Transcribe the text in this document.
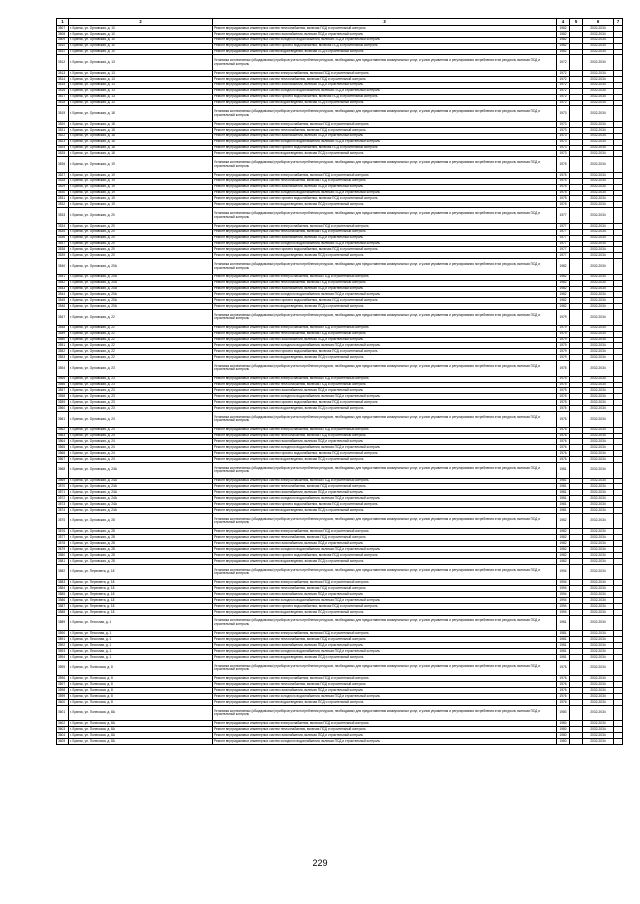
1	2	3	4	5	6	7
3507	г. Брянск, ул. Орловская, д. 10	Ремонт внутридомовых инженерных систем теплоснабжения, включая ПСД и строительный контроль	1982		2032-2034	
3508	г. Брянск, ул. Орловская, д. 10	Ремонт внутридомовых инженерных систем газоснабжения, включая ПСД и строительный контроль	1982		2032-2034	
3509	г. Брянск, ул. Орловская, д. 10	Ремонт внутридомовых инженерных систем холодного водоснабжения, включая ПСД и строительный контроль	1982		2032-2034	
3510	г. Брянск, ул. Орловская, д. 10	Ремонт внутридомовых инженерных систем горячего водоснабжения, включая ПСД и строительный контроль	1982		2032-2034	
3511	г. Брянск, ул. Орловская, д. 10	Ремонт внутридомовых инженерных систем водоотведения, включая ПСД и строительный контроль	1982		2032-2034	
3512	г. Брянск, ул. Орловская, д. 13	Установка коллективных (общедомовых) приборов учета потребления ресурсов, необходимых для предоставления коммунальных услуг, и узлов управления и регулирования потребления этих ресурсов, включая ПСД и строительный контроль	1972		2032-2034	
3513	г. Брянск, ул. Орловская, д. 13	Ремонт внутридомовых инженерных систем электроснабжения, включая ПСД и строительный контроль	1972		2032-2034	
3514	г. Брянск, ул. Орловская, д. 13	Ремонт внутридомовых инженерных систем теплоснабжения, включая ПСД и строительный контроль	1972		2032-2034	
3515	г. Брянск, ул. Орловская, д. 13	Ремонт внутридомовых инженерных систем газоснабжения, включая ПСД и строительный контроль	1972		2032-2034	
3516	г. Брянск, ул. Орловская, д. 13	Ремонт внутридомовых инженерных систем холодного водоснабжения, включая ПСД и строительный контроль	1972		2032-2034	
3517	г. Брянск, ул. Орловская, д. 13	Ремонт внутридомовых инженерных систем горячего водоснабжения, включая ПСД и строительный контроль	1972		2032-2034	
3518	г. Брянск, ул. Орловская, д. 13	Ремонт внутридомовых инженерных систем водоотведения, включая ПСД и строительный контроль	1972		2032-2034	
3519	г. Брянск, ул. Орловская, д. 18	Установка коллективных (общедомовых) приборов учета потребления ресурсов, необходимых для предоставления коммунальных услуг, и узлов управления и регулирования потребления этих ресурсов, включая ПСД и строительный контроль	1973		2032-2034	
3520	г. Брянск, ул. Орловская, д. 18	Ремонт внутридомовых инженерных систем электроснабжения, включая ПСД и строительный контроль	1973		2032-2034	
3521	г. Брянск, ул. Орловская, д. 18	Ремонт внутридомовых инженерных систем теплоснабжения, включая ПСД и строительный контроль	1973		2032-2034	
3522	г. Брянск, ул. Орловская, д. 18	Ремонт внутридомовых инженерных систем газоснабжения, включая ПСД и строительный контроль	1973		2032-2034	
3523	г. Брянск, ул. Орловская, д. 18	Ремонт внутридомовых инженерных систем холодного водоснабжения, включая ПСД и строительный контроль	1973		2032-2034	
3524	г. Брянск, ул. Орловская, д. 18	Ремонт внутридомовых инженерных систем горячего водоснабжения, включая ПСД и строительный контроль	1973		2032-2034	
3525	г. Брянск, ул. Орловская, д. 18	Ремонт внутридомовых инженерных систем водоотведения, включая ПСД и строительный контроль	1973		2032-2034	
3526	г. Брянск, ул. Орловская, д. 19	Установка коллективных (общедомовых) приборов учета потребления ресурсов, необходимых для предоставления коммунальных услуг, и узлов управления и регулирования потребления этих ресурсов, включая ПСД и строительный контроль	1975		2032-2034	
3527	г. Брянск, ул. Орловская, д. 19	Ремонт внутридомовых инженерных систем электроснабжения, включая ПСД и строительный контроль	1975		2032-2034	
3528	г. Брянск, ул. Орловская, д. 19	Ремонт внутридомовых инженерных систем теплоснабжения, включая ПСД и строительный контроль	1975		2032-2034	
3529	г. Брянск, ул. Орловская, д. 19	Ремонт внутридомовых инженерных систем газоснабжения, включая ПСД и строительный контроль	1975		2032-2034	
3530	г. Брянск, ул. Орловская, д. 19	Ремонт внутридомовых инженерных систем холодного водоснабжения, включая ПСД и строительный контроль	1975		2032-2034	
3531	г. Брянск, ул. Орловская, д. 19	Ремонт внутридомовых инженерных систем горячего водоснабжения, включая ПСД и строительный контроль	1975		2032-2034	
3532	г. Брянск, ул. Орловская, д. 19	Ремонт внутридомовых инженерных систем водоотведения, включая ПСД и строительный контроль	1975		2032-2034	
3533	г. Брянск, ул. Орловская, д. 20	Установка коллективных (общедомовых) приборов учета потребления ресурсов, необходимых для предоставления коммунальных услуг, и узлов управления и регулирования потребления этих ресурсов, включая ПСД и строительный контроль	1977		2032-2034	
3534	г. Брянск, ул. Орловская, д. 20	Ремонт внутридомовых инженерных систем электроснабжения, включая ПСД и строительный контроль	1977		2032-2034	
3535	г. Брянск, ул. Орловская, д. 20	Ремонт внутридомовых инженерных систем теплоснабжения, включая ПСД и строительный контроль	1977		2032-2034	
3536	г. Брянск, ул. Орловская, д. 20	Ремонт внутридомовых инженерных систем газоснабжения, включая ПСД и строительный контроль	1977		2032-2034	
3537	г. Брянск, ул. Орловская, д. 20	Ремонт внутридомовых инженерных систем холодного водоснабжения, включая ПСД и строительный контроль	1977		2032-2034	
3538	г. Брянск, ул. Орловская, д. 20	Ремонт внутридомовых инженерных систем горячего водоснабжения, включая ПСД и строительный контроль	1977		2032-2034	
3539	г. Брянск, ул. Орловская, д. 20	Ремонт внутридомовых инженерных систем водоотведения, включая ПСД и строительный контроль	1977		2032-2034	
3540	г. Брянск, ул. Орловская, д. 20А	Установка коллективных (общедомовых) приборов учета потребления ресурсов, необходимых для предоставления коммунальных услуг, и узлов управления и регулирования потребления этих ресурсов, включая ПСД и строительный контроль	1982		2032-2034	
3541	г. Брянск, ул. Орловская, д. 20А	Ремонт внутридомовых инженерных систем электроснабжения, включая ПСД и строительный контроль	1982		2032-2034	
3542	г. Брянск, ул. Орловская, д. 20А	Ремонт внутридомовых инженерных систем теплоснабжения, включая ПСД и строительный контроль	1982		2032-2034	
3543	г. Брянск, ул. Орловская, д. 20А	Ремонт внутридомовых инженерных систем газоснабжения, включая ПСД и строительный контроль	1982		2032-2034	
3544	г. Брянск, ул. Орловская, д. 20А	Ремонт внутридомовых инженерных систем холодного водоснабжения, включая ПСД и строительный контроль	1982		2032-2034	
3545	г. Брянск, ул. Орловская, д. 20А	Ремонт внутридомовых инженерных систем горячего водоснабжения, включая ПСД и строительный контроль	1982		2032-2034	
3546	г. Брянск, ул. Орловская, д. 20А	Ремонт внутридомовых инженерных систем водоотведения, включая ПСД и строительный контроль	1982		2032-2034	
3547	г. Брянск, ул. Орловская, д. 22	Установка коллективных (общедомовых) приборов учета потребления ресурсов, необходимых для предоставления коммунальных услуг, и узлов управления и регулирования потребления этих ресурсов, включая ПСД и строительный контроль	1979		2032-2034	
3548	г. Брянск, ул. Орловская, д. 22	Ремонт внутридомовых инженерных систем электроснабжения, включая ПСД и строительный контроль	1979		2032-2034	
3549	г. Брянск, ул. Орловская, д. 22	Ремонт внутридомовых инженерных систем теплоснабжения, включая ПСД и строительный контроль	1979		2032-2034	
3550	г. Брянск, ул. Орловская, д. 22	Ремонт внутридомовых инженерных систем газоснабжения, включая ПСД и строительный контроль	1979		2032-2034	
3551	г. Брянск, ул. Орловская, д. 22	Ремонт внутридомовых инженерных систем холодного водоснабжения, включая ПСД и строительный контроль	1979		2032-2034	
3552	г. Брянск, ул. Орловская, д. 22	Ремонт внутридомовых инженерных систем горячего водоснабжения, включая ПСД и строительный контроль	1979		2032-2034	
3553	г. Брянск, ул. Орловская, д. 22	Ремонт внутридомовых инженерных систем водоотведения, включая ПСД и строительный контроль	1979		2032-2034	
3554	г. Брянск, ул. Орловская, д. 23	Установка коллективных (общедомовых) приборов учета потребления ресурсов, необходимых для предоставления коммунальных услуг, и узлов управления и регулирования потребления этих ресурсов, включая ПСД и строительный контроль	1975		2032-2034	
3555	г. Брянск, ул. Орловская, д. 23	Ремонт внутридомовых инженерных систем электроснабжения, включая ПСД и строительный контроль	1975		2032-2034	
3556	г. Брянск, ул. Орловская, д. 23	Ремонт внутридомовых инженерных систем теплоснабжения, включая ПСД и строительный контроль	1975		2032-2034	
3557	г. Брянск, ул. Орловская, д. 23	Ремонт внутридомовых инженерных систем газоснабжения, включая ПСД и строительный контроль	1975		2032-2034	
3558	г. Брянск, ул. Орловская, д. 23	Ремонт внутридомовых инженерных систем холодного водоснабжения, включая ПСД и строительный контроль	1975		2032-2034	
3559	г. Брянск, ул. Орловская, д. 23	Ремонт внутридомовых инженерных систем горячего водоснабжения, включая ПСД и строительный контроль	1975		2032-2034	
3560	г. Брянск, ул. Орловская, д. 23	Ремонт внутридомовых инженерных систем водоотведения, включая ПСД и строительный контроль	1975		2032-2034	
3561	г. Брянск, ул. Орловская, д. 24	Установка коллективных (общедомовых) приборов учета потребления ресурсов, необходимых для предоставления коммунальных услуг, и узлов управления и регулирования потребления этих ресурсов, включая ПСД и строительный контроль	1976		2032-2034	
3562	г. Брянск, ул. Орловская, д. 24	Ремонт внутридомовых инженерных систем электроснабжения, включая ПСД и строительный контроль	1976		2032-2034	
3563	г. Брянск, ул. Орловская, д. 24	Ремонт внутридомовых инженерных систем теплоснабжения, включая ПСД и строительный контроль	1976		2032-2034	
3564	г. Брянск, ул. Орловская, д. 24	Ремонт внутридомовых инженерных систем газоснабжения, включая ПСД и строительный контроль	1976		2032-2034	
3565	г. Брянск, ул. Орловская, д. 24	Ремонт внутридомовых инженерных систем холодного водоснабжения, включая ПСД и строительный контроль	1976		2032-2034	
3566	г. Брянск, ул. Орловская, д. 24	Ремонт внутридомовых инженерных систем горячего водоснабжения, включая ПСД и строительный контроль	1976		2032-2034	
3567	г. Брянск, ул. Орловская, д. 24	Ремонт внутридомовых инженерных систем водоотведения, включая ПСД и строительный контроль	1976		2032-2034	
3568	г. Брянск, ул. Орловская, д. 24А	Установка коллективных (общедомовых) приборов учета потребления ресурсов, необходимых для предоставления коммунальных услуг, и узлов управления и регулирования потребления этих ресурсов, включая ПСД и строительный контроль	1981		2032-2034	
3569	г. Брянск, ул. Орловская, д. 24А	Ремонт внутридомовых инженерных систем электроснабжения, включая ПСД и строительный контроль	1981		2032-2034	
3570	г. Брянск, ул. Орловская, д. 24А	Ремонт внутридомовых инженерных систем теплоснабжения, включая ПСД и строительный контроль	1981		2032-2034	
3571	г. Брянск, ул. Орловская, д. 24А	Ремонт внутридомовых инженерных систем газоснабжения, включая ПСД и строительный контроль	1981		2032-2034	
3572	г. Брянск, ул. Орловская, д. 24А	Ремонт внутридомовых инженерных систем холодного водоснабжения, включая ПСД и строительный контроль	1981		2032-2034	
3573	г. Брянск, ул. Орловская, д. 24А	Ремонт внутридомовых инженерных систем горячего водоснабжения, включая ПСД и строительный контроль	1981		2032-2034	
3574	г. Брянск, ул. Орловская, д. 24А	Ремонт внутридомовых инженерных систем водоотведения, включая ПСД и строительный контроль	1981		2032-2034	
3575	г. Брянск, ул. Орловская, д. 28	Установка коллективных (общедомовых) приборов учета потребления ресурсов, необходимых для предоставления коммунальных услуг, и узлов управления и регулирования потребления этих ресурсов, включая ПСД и строительный контроль	1982		2032-2034	
3576	г. Брянск, ул. Орловская, д. 28	Ремонт внутридомовых инженерных систем электроснабжения, включая ПСД и строительный контроль	1982		2032-2034	
3577	г. Брянск, ул. Орловская, д. 28	Ремонт внутридомовых инженерных систем теплоснабжения, включая ПСД и строительный контроль	1982		2032-2034	
3578	г. Брянск, ул. Орловская, д. 28	Ремонт внутридомовых инженерных систем газоснабжения, включая ПСД и строительный контроль	1982		2032-2034	
3579	г. Брянск, ул. Орловская, д. 28	Ремонт внутридомовых инженерных систем холодного водоснабжения, включая ПСД и строительный контроль	1982		2032-2034	
3580	г. Брянск, ул. Орловская, д. 28	Ремонт внутридомовых инженерных систем горячего водоснабжения, включая ПСД и строительный контроль	1982		2032-2034	
3581	г. Брянск, ул. Орловская, д. 28	Ремонт внутридомовых инженерных систем водоотведения, включая ПСД и строительный контроль	1982		2032-2034	
3582	г. Брянск, ул. Пересвета, д. 18	Установка коллективных (общедомовых) приборов учета потребления ресурсов, необходимых для предоставления коммунальных услуг, и узлов управления и регулирования потребления этих ресурсов, включая ПСД и строительный контроль	1994		2032-2034	
3583	г. Брянск, ул. Пересвета, д. 18	Ремонт внутридомовых инженерных систем электроснабжения, включая ПСД и строительный контроль	1994		2032-2034	
3584	г. Брянск, ул. Пересвета, д. 18	Ремонт внутридомовых инженерных систем теплоснабжения, включая ПСД и строительный контроль	1994		2032-2034	
3585	г. Брянск, ул. Пересвета, д. 18	Ремонт внутридомовых инженерных систем газоснабжения, включая ПСД и строительный контроль	1994		2032-2034	
3586	г. Брянск, ул. Пересвета, д. 18	Ремонт внутридомовых инженерных систем холодного водоснабжения, включая ПСД и строительный контроль	1994		2032-2034	
3587	г. Брянск, ул. Пересвета, д. 18	Ремонт внутридомовых инженерных систем горячего водоснабжения, включая ПСД и строительный контроль	1994		2032-2034	
3588	г. Брянск, ул. Пересвета, д. 18	Ремонт внутридомовых инженерных систем водоотведения, включая ПСД и строительный контроль	1994		2032-2034	
3589	г. Брянск, ул. Песочная, д. 1	Установка коллективных (общедомовых) приборов учета потребления ресурсов, необходимых для предоставления коммунальных услуг, и узлов управления и регулирования потребления этих ресурсов, включая ПСД и строительный контроль	1981		2032-2034	
3590	г. Брянск, ул. Песочная, д. 1	Ремонт внутридомовых инженерных систем электроснабжения, включая ПСД и строительный контроль	1981		2032-2034	
3591	г. Брянск, ул. Песочная, д. 1	Ремонт внутридомовых инженерных систем теплоснабжения, включая ПСД и строительный контроль	1981		2032-2034	
3592	г. Брянск, ул. Песочная, д. 1	Ремонт внутридомовых инженерных систем газоснабжения, включая ПСД и строительный контроль	1981		2032-2034	
3593	г. Брянск, ул. Песочная, д. 1	Ремонт внутридомовых инженерных систем холодного водоснабжения, включая ПСД и строительный контроль	1981		2032-2034	
3594	г. Брянск, ул. Песочная, д. 1	Ремонт внутридомовых инженерных систем водоотведения, включая ПСД и строительный контроль	1981		2032-2034	
3595	г. Брянск, ул. Полесская, д. 8	Установка коллективных (общедомовых) приборов учета потребления ресурсов, необходимых для предоставления коммунальных услуг, и узлов управления и регулирования потребления этих ресурсов, включая ПСД и строительный контроль	1976		2032-2034	
3596	г. Брянск, ул. Полесская, д. 8	Ремонт внутридомовых инженерных систем электроснабжения, включая ПСД и строительный контроль	1976		2032-2034	
3597	г. Брянск, ул. Полесская, д. 8	Ремонт внутридомовых инженерных систем теплоснабжения, включая ПСД и строительный контроль	1976		2032-2034	
3598	г. Брянск, ул. Полесская, д. 8	Ремонт внутридомовых инженерных систем газоснабжения, включая ПСД и строительный контроль	1976		2032-2034	
3599	г. Брянск, ул. Полесская, д. 8	Ремонт внутридомовых инженерных систем холодного водоснабжения, включая ПСД и строительный контроль	1976		2032-2034	
3600	г. Брянск, ул. Полесская, д. 8	Ремонт внутридомовых инженерных систем водоотведения, включая ПСД и строительный контроль	1976		2032-2034	
3601	г. Брянск, ул. Полесская, д. 8А	Установка коллективных (общедомовых) приборов учета потребления ресурсов, необходимых для предоставления коммунальных услуг, и узлов управления и регулирования потребления этих ресурсов, включая ПСД и строительный контроль	1980		2032-2034	
3602	г. Брянск, ул. Полесская, д. 8А	Ремонт внутридомовых инженерных систем электроснабжения, включая ПСД и строительный контроль	1980		2032-2034	
3603	г. Брянск, ул. Полесская, д. 8А	Ремонт внутридомовых инженерных систем теплоснабжения, включая ПСД и строительный контроль	1980		2032-2034	
3604	г. Брянск, ул. Полесская, д. 8А	Ремонт внутридомовых инженерных систем газоснабжения, включая ПСД и строительный контроль	1980		2032-2034	
3605	г. Брянск, ул. Полесская, д. 8А	Ремонт внутридомовых инженерных систем холодного водоснабжения, включая ПСД и строительный контроль	1980		2032-2034	
229
